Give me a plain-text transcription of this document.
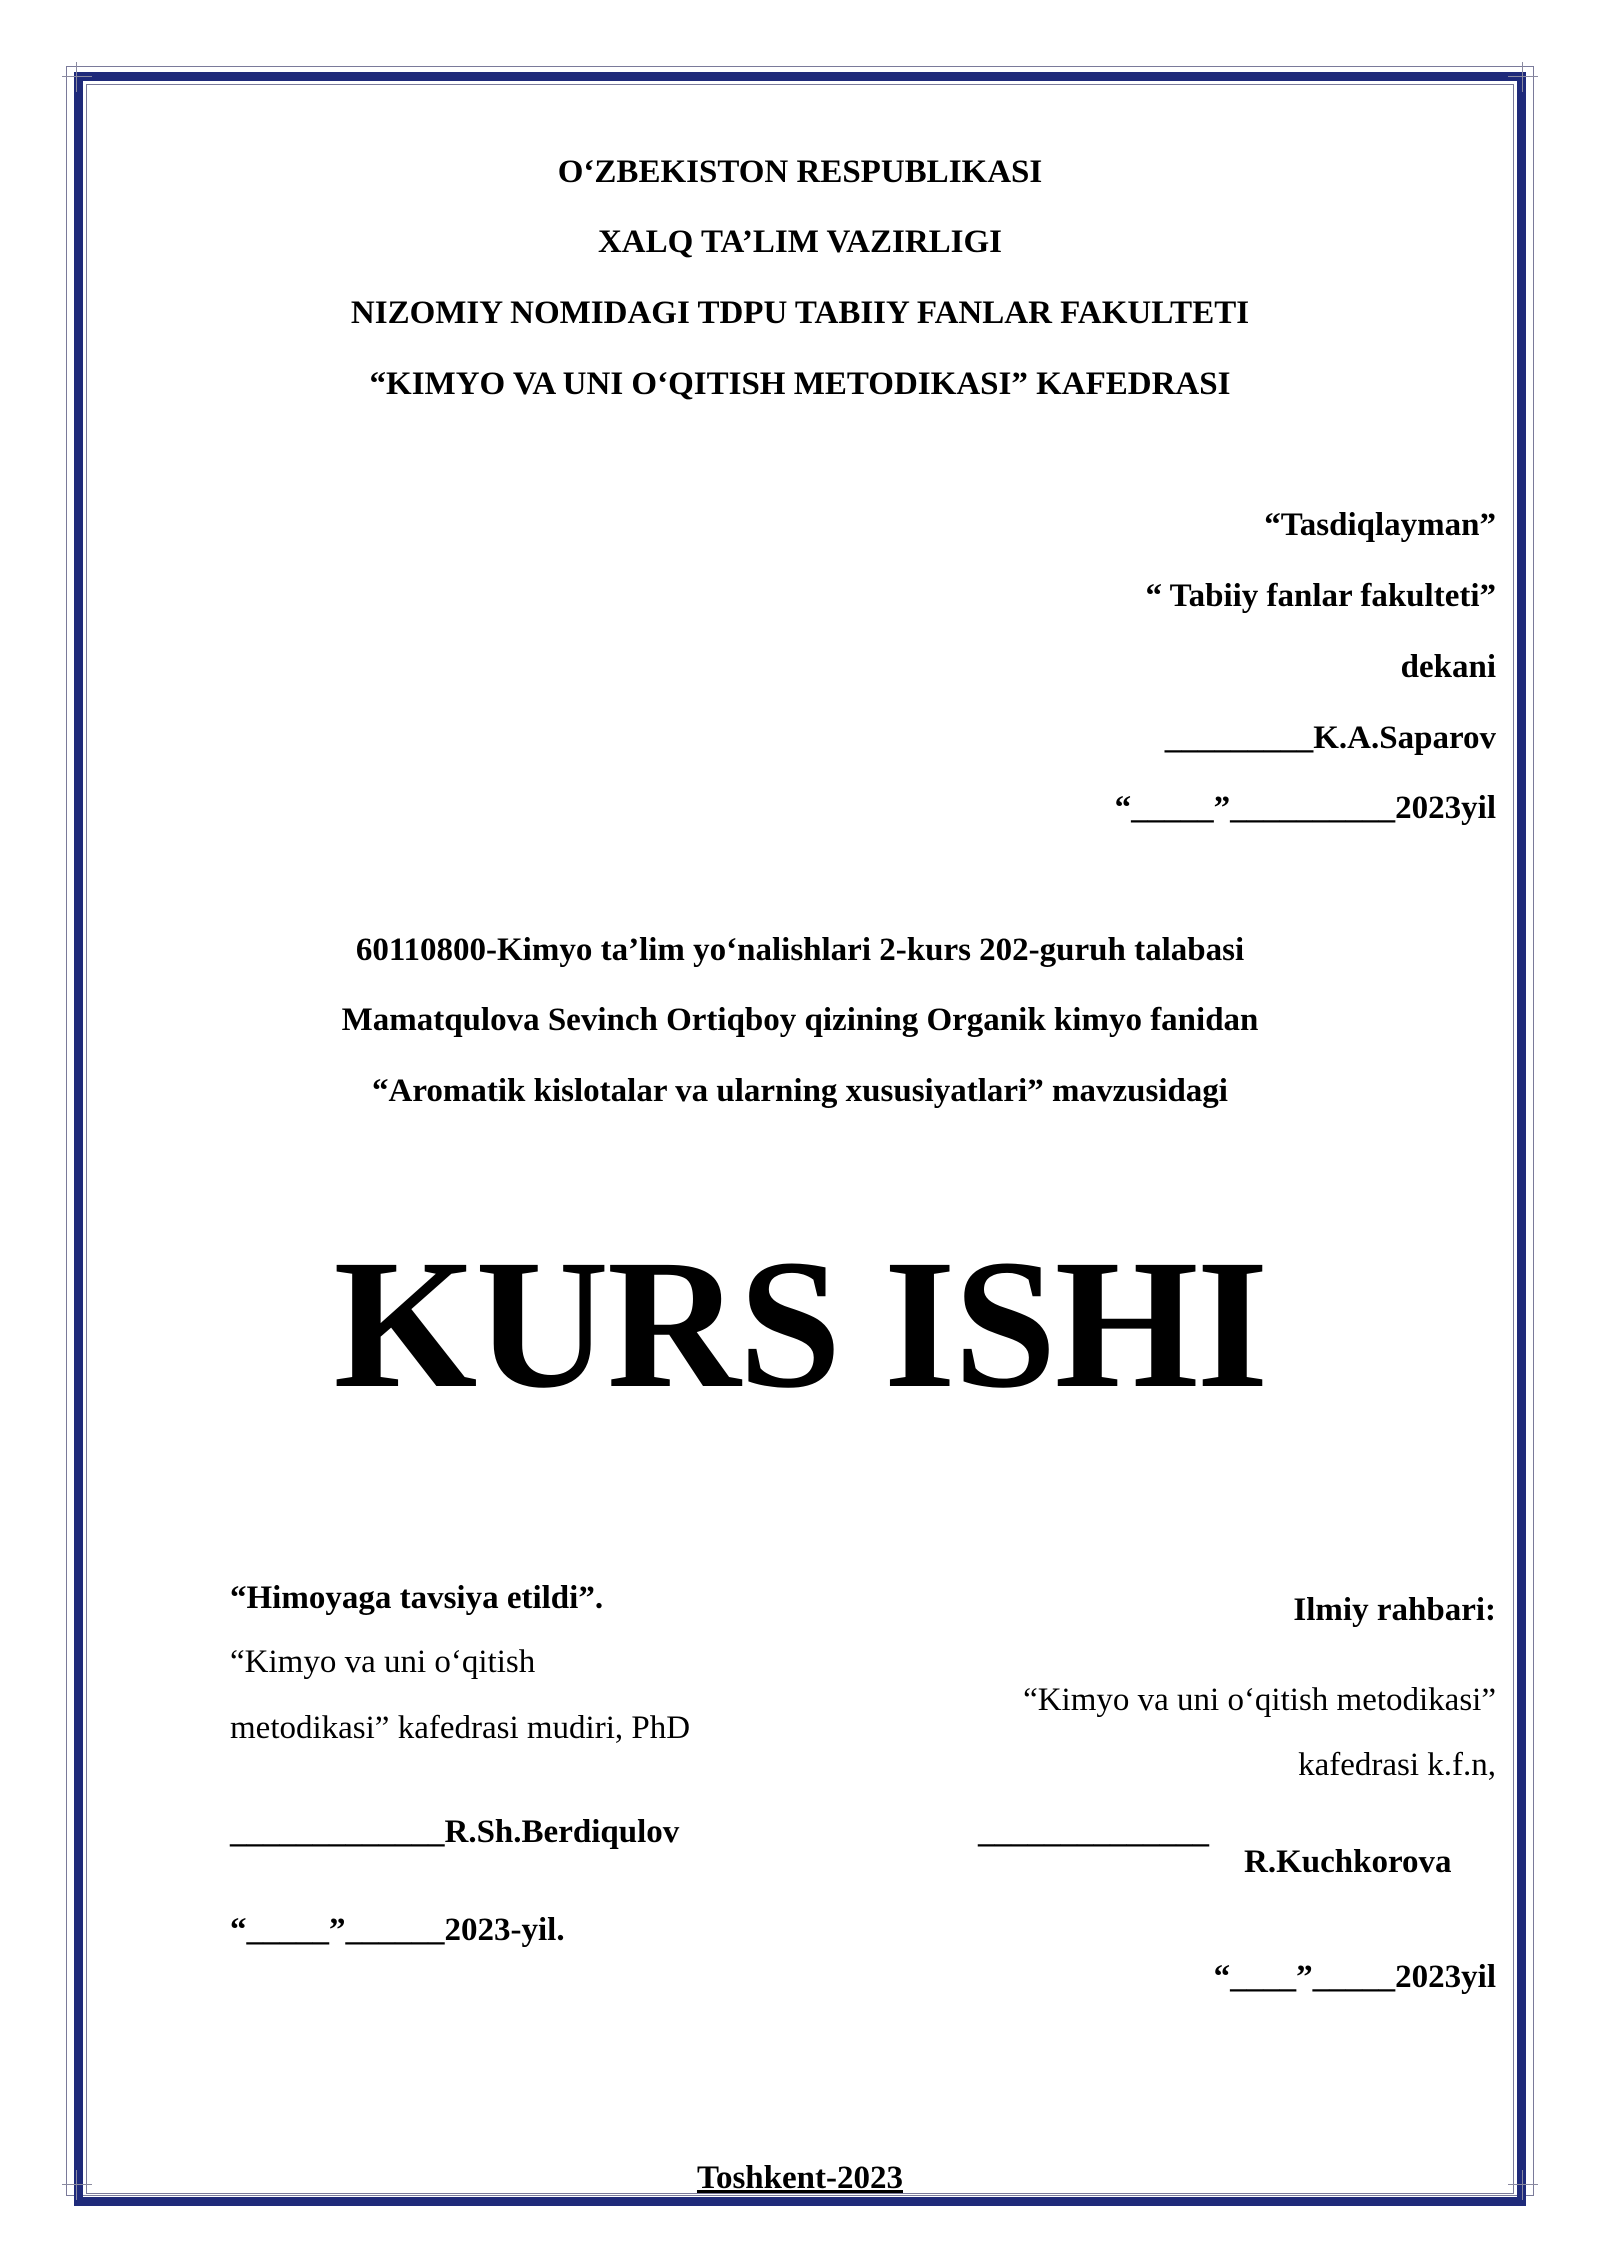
O‘ZBEKISTON RESPUBLIKASI
XALQ TA’LIM VAZIRLIGI
NIZOMIY NOMIDAGI TDPU TABIIY FANLAR FAKULTETI
“KIMYO VA UNI O‘QITISH METODIKASI” KAFEDRASI
“Tasdiqlayman”
“ Tabiiy fanlar fakulteti”
dekani
_________K.A.Saparov
“_____”__________2023yil
60110800-Kimyo ta’lim yo‘nalishlari 2-kurs 202-guruh talabasi
Mamatqulova Sevinch Ortiqboy qizining Organik kimyo fanidan
“Aromatik kislotalar va ularning xususiyatlari” mavzusidagi
KURS ISHI
“Himoyaga tavsiya etildi”.
“Kimyo va uni o‘qitish
metodikasi” kafedrasi mudiri, PhD
_____________R.Sh.Berdiqulov
“_____”______2023-yil.
Ilmiy rahbari:
“Kimyo va uni o‘qitish metodikasi”
kafedrasi k.f.n,
______________
R.Kuchkorova
“____”_____2023yil
Toshkent-2023
